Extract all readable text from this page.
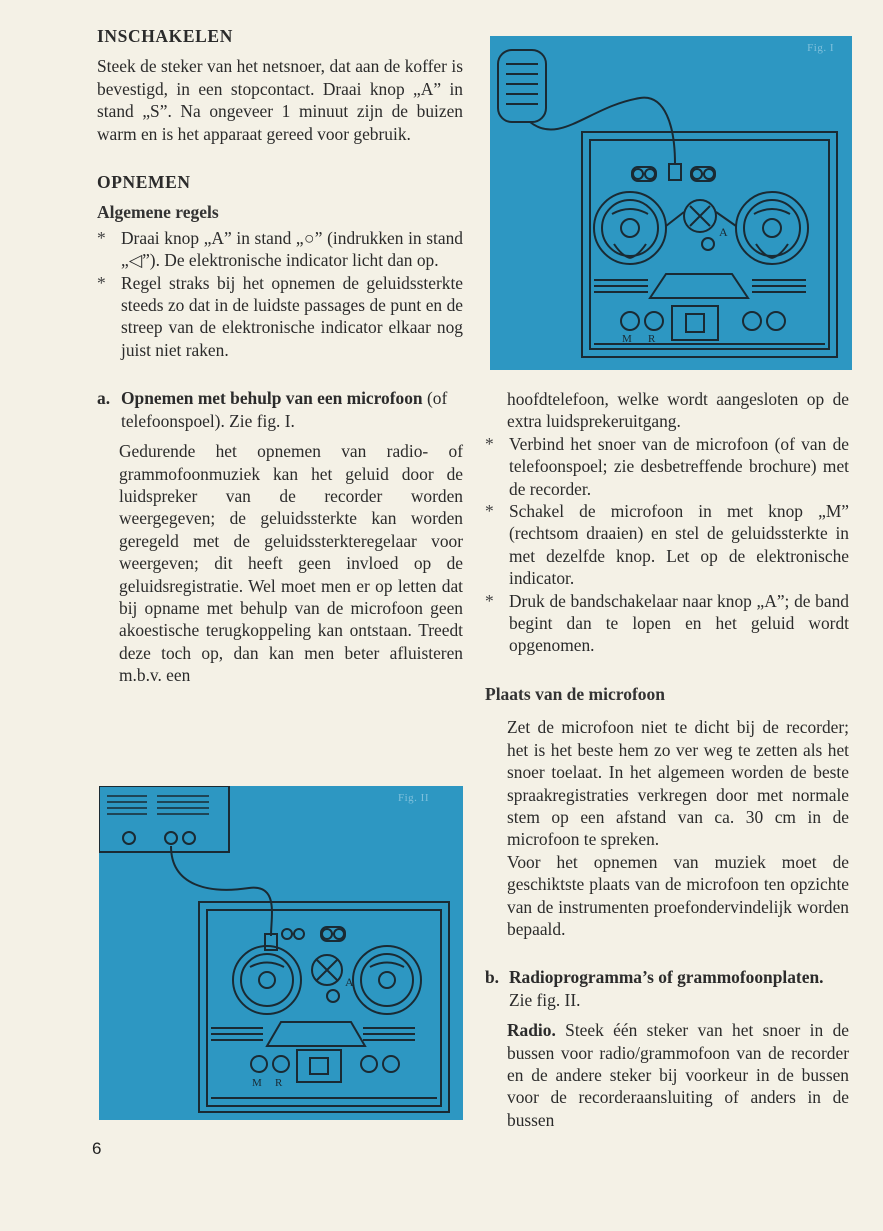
INSCHAKELEN

Steek de steker van het netsnoer, dat aan de koffer is bevestigd, in een stopcontact. Draai knop „A” in stand „S”. Na ongeveer 1 minuut zijn de buizen warm en is het apparaat gereed voor gebruik.

OPNEMEN
Algemene regels
* Draai knop „A” in stand „○” (indrukken in stand „◁”). De elektronische indicator licht dan op.
* Regel straks bij het opnemen de geluidssterkte steeds zo dat in de luidste passages de punt en de streep van de elektronische indicator elkaar nog juist niet raken.
a. Opnemen met behulp van een microfoon (of telefoonspoel). Zie fig. I.

Gedurende het opnemen van radio- of grammofoonmuziek kan het geluid door de luidspreker van de recorder worden weergegeven; de geluidssterkte kan worden geregeld met de geluidssterkteregelaar voor weergeven; dit heeft geen invloed op de geluidsregistratie. Wel moet men er op letten dat bij opname met behulp van de microfoon geen akoestische terugkoppeling kan ontstaan. Treedt deze toch op, dan kan men beter afluisteren m.b.v. een

hoofdtelefoon, welke wordt aangesloten op de extra luidsprekeruitgang.

* Verbind het snoer van de microfoon (of van de telefoonspoel; zie desbetreffende brochure) met de recorder.
* Schakel de microfoon in met knop „M” (rechtsom draaien) en stel de geluidssterkte in met dezelfde knop. Let op de elektronische indicator.
* Druk de bandschakelaar naar knop „A”; de band begint dan te lopen en het geluid wordt opgenomen.
Plaats van de microfoon

Zet de microfoon niet te dicht bij de recorder; het is het beste hem zo ver weg te zetten als het snoer toelaat. In het algemeen worden de beste spraakregistraties verkregen door met normale stem op een afstand van ca. 30 cm in de microfoon te spreken.

Voor het opnemen van muziek moet de geschiktste plaats van de microfoon ten opzichte van de instrumenten proefondervindelijk worden bepaald.

b. Radioprogramma’s of grammofoonplaten. Zie fig. II.

Radio. Steek één steker van het snoer in de bussen voor radio/grammofoon van de recorder en de andere steker bij voorkeur in de bussen voor de recorderaansluiting of anders in de bussen

A
M R
Fig. I
A
M R
Fig. II
6
